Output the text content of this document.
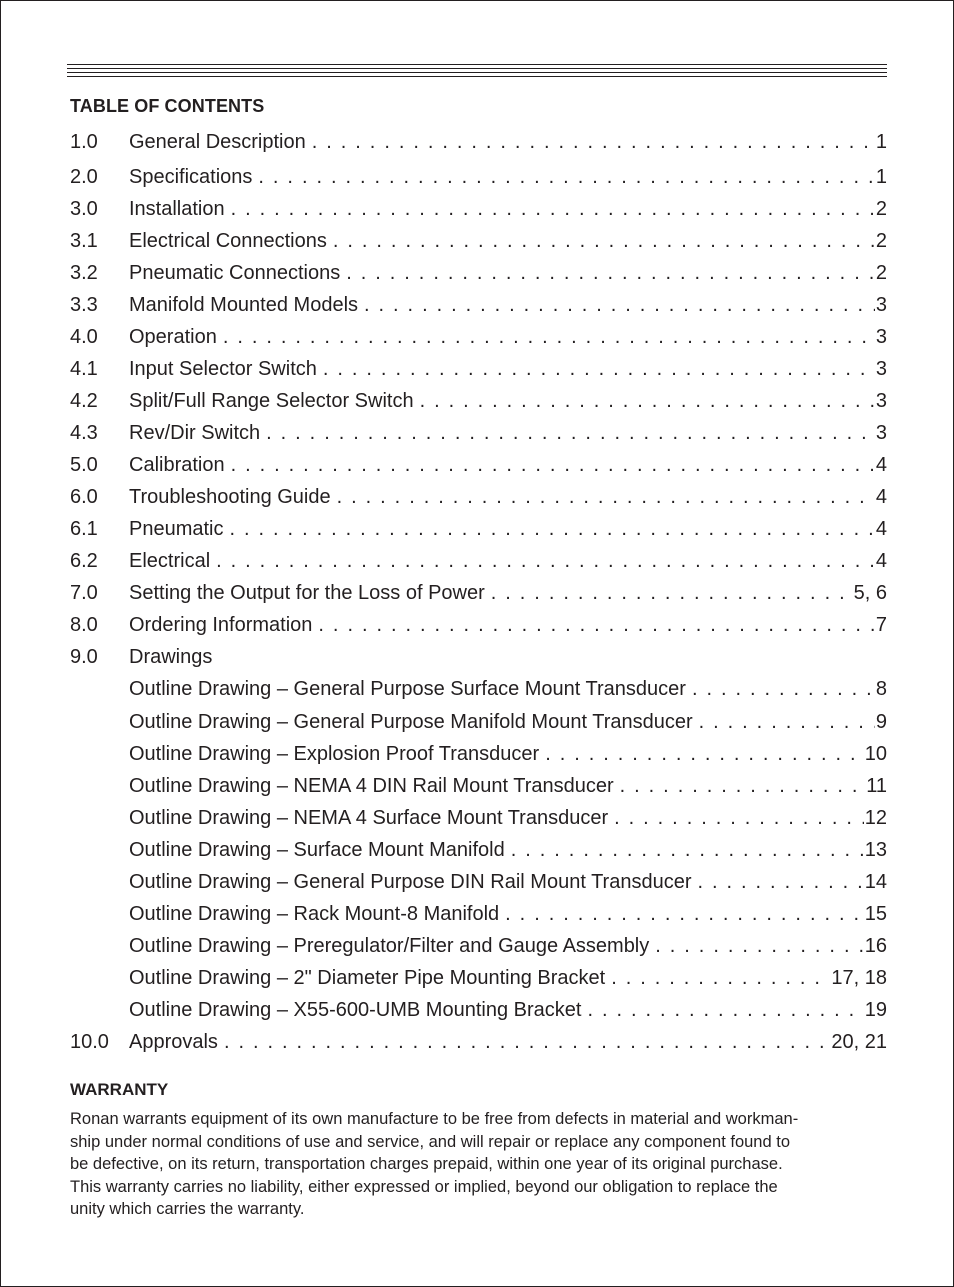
TABLE OF CONTENTS
1.0 General Description . . .	1
2.0 Specifications . . .	1
3.0 Installation . . .	2
3.1 Electrical Connections . . .	2
3.2 Pneumatic Connections . . .	2
3.3 Manifold Mounted Models . . .	3
4.0 Operation . . .	3
4.1 Input Selector Switch . . .	3
4.2 Split/Full Range Selector Switch . . .	3
4.3 Rev/Dir Switch . . .	3
5.0 Calibration . . .	4
6.0 Troubleshooting Guide . . .	4
6.1 Pneumatic . . .	4
6.2 Electrical . . .	4
7.0 Setting the Output for the Loss of Power . . .	5, 6
8.0 Ordering Information . . .	7
9.0 Drawings
Outline Drawing – General Purpose Surface Mount Transducer . . .	8
Outline Drawing – General Purpose Manifold Mount Transducer . . .	9
Outline Drawing – Explosion Proof Transducer . . .	10
Outline Drawing – NEMA 4 DIN Rail Mount Transducer . . .	11
Outline Drawing – NEMA 4 Surface Mount Transducer . . .	12
Outline Drawing – Surface Mount Manifold . . .	13
Outline Drawing – General Purpose DIN Rail Mount Transducer . . .	14
Outline Drawing – Rack Mount-8 Manifold . . .	15
Outline Drawing – Preregulator/Filter and Gauge Assembly . . .	16
Outline Drawing – 2" Diameter Pipe Mounting Bracket . . .	17, 18
Outline Drawing – X55-600-UMB Mounting Bracket . . .	19
10.0 Approvals . . .	20, 21
WARRANTY
Ronan warrants equipment of its own manufacture to be free from defects in material and workman-
ship under normal conditions of use and service, and will repair or replace any component found to
be defective, on its return, transportation charges prepaid, within one year of its original purchase.
This warranty carries no liability, either expressed or implied, beyond our obligation to replace the
unity which carries the warranty.
